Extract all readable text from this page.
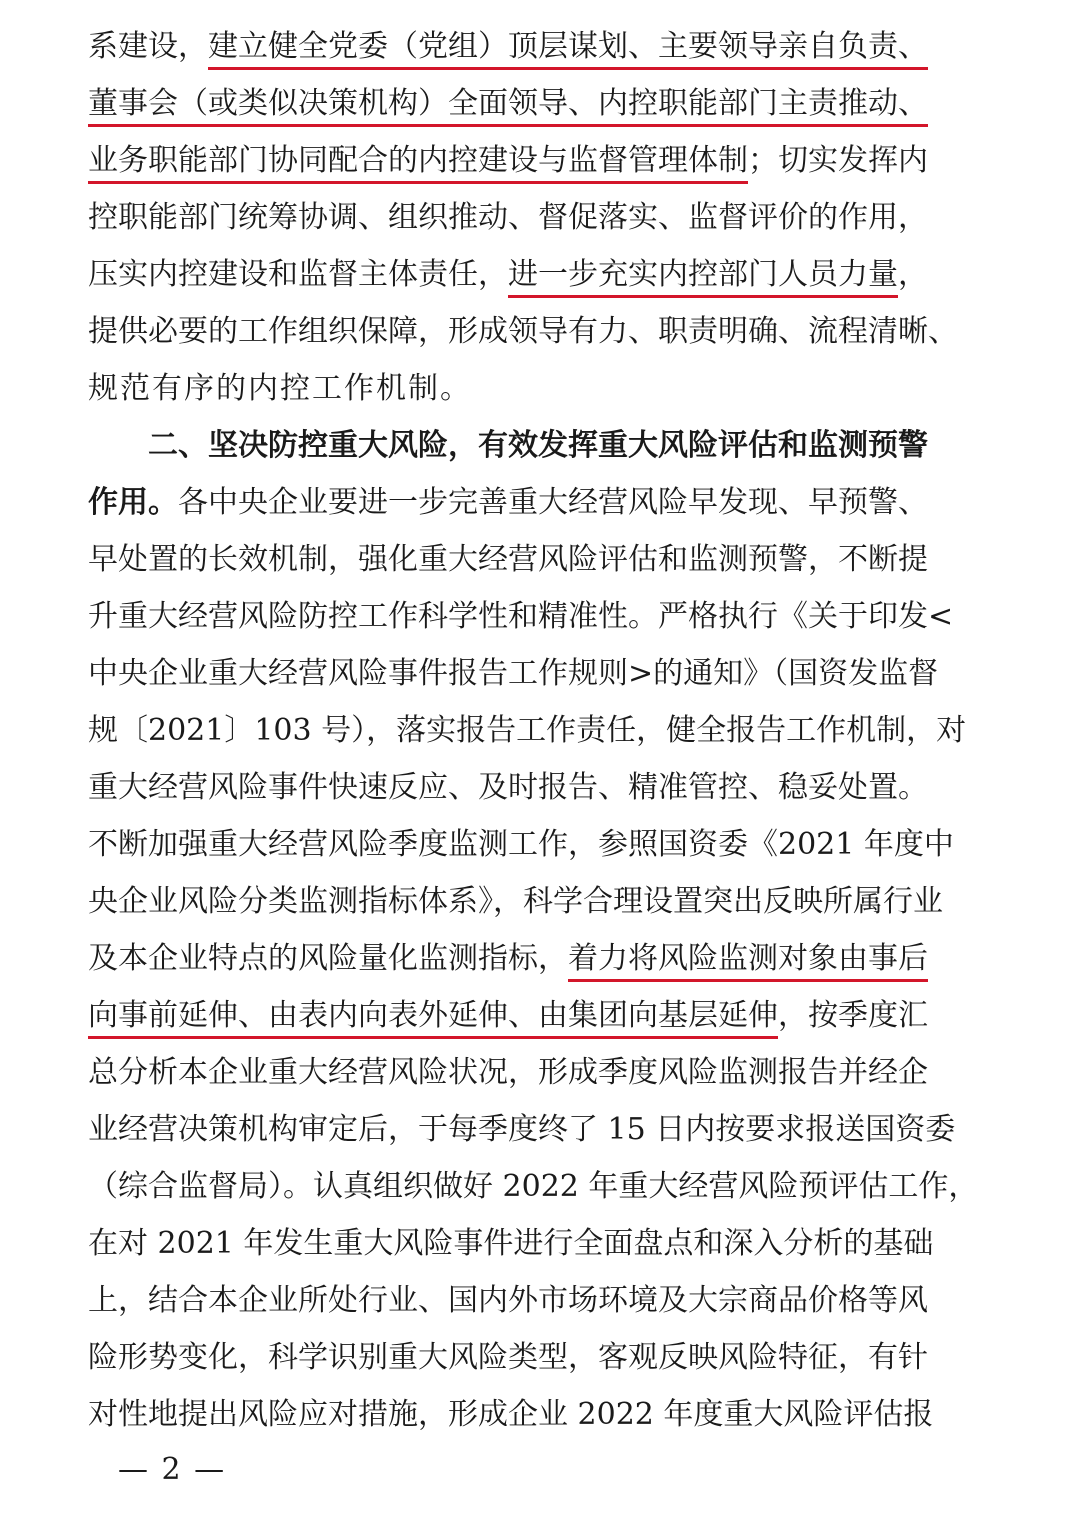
系建设，建立健全党委（党组）顶层谋划、主要领导亲自负责、
董事会（或类似决策机构）全面领导、内控职能部门主责推动、
业务职能部门协同配合的内控建设与监督管理体制；切实发挥内
控职能部门统筹协调、组织推动、督促落实、监督评价的作用，
压实内控建设和监督主体责任，进一步充实内控部门人员力量，
提供必要的工作组织保障，形成领导有力、职责明确、流程清晰、
规范有序的内控工作机制。
二、坚决防控重大风险，有效发挥重大风险评估和监测预警
作用。各中央企业要进一步完善重大经营风险早发现、早预警、
早处置的长效机制，强化重大经营风险评估和监测预警，不断提
升重大经营风险防控工作科学性和精准性。严格执行《关于印发<
中央企业重大经营风险事件报告工作规则>的通知》（国资发监督
规〔2021〕103 号），落实报告工作责任，健全报告工作机制，对
重大经营风险事件快速反应、及时报告、精准管控、稳妥处置。
不断加强重大经营风险季度监测工作，参照国资委《2021 年度中
央企业风险分类监测指标体系》，科学合理设置突出反映所属行业
及本企业特点的风险量化监测指标，着力将风险监测对象由事后
向事前延伸、由表内向表外延伸、由集团向基层延伸，按季度汇
总分析本企业重大经营风险状况，形成季度风险监测报告并经企
业经营决策机构审定后，于每季度终了 15 日内按要求报送国资委
（综合监督局）。认真组织做好 2022 年重大经营风险预评估工作，
在对 2021 年发生重大风险事件进行全面盘点和深入分析的基础
上，结合本企业所处行业、国内外市场环境及大宗商品价格等风
险形势变化，科学识别重大风险类型，客观反映风险特征，有针
对性地提出风险应对措施，形成企业 2022 年度重大风险评估报
— 2 —
